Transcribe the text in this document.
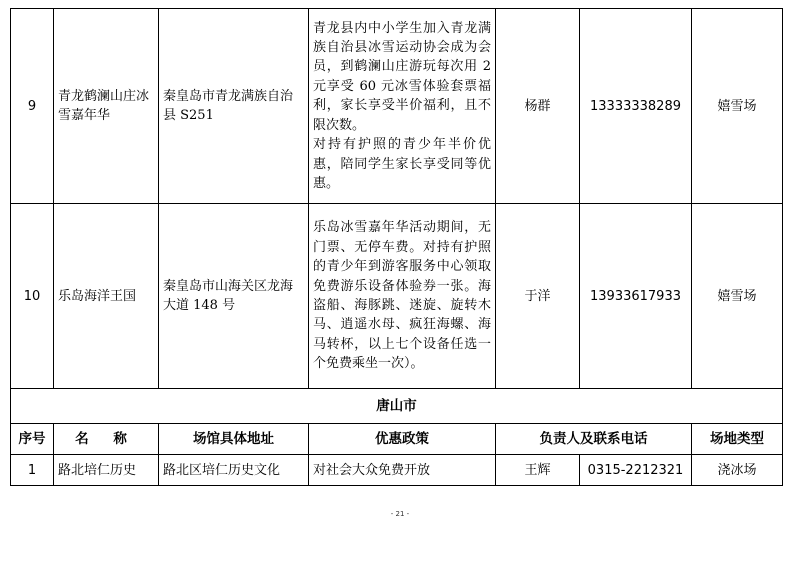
9	青龙鹤澜山庄冰雪嘉年华	秦皇岛市青龙满族自治县 S251	青龙县内中小学生加入青龙满族自治县冰雪运动协会成为会员，到鹤澜山庄游玩每次用 2 元享受 60 元冰雪体验套票福利，家长享受半价福利，且不限次数。
对持有护照的青少年半价优惠，陪同学生家长享受同等优惠。	杨群	13333338289	嬉雪场
10	乐岛海洋王国	秦皇岛市山海关区龙海大道 148 号	乐岛冰雪嘉年华活动期间，无门票、无停车费。对持有护照的青少年到游客服务中心领取免费游乐设备体验券一张。海盗船、海豚跳、迷旋、旋转木马、逍遥水母、疯狂海螺、海马转杯，以上七个设备任选一个免费乘坐一次）。	于洋	13933617933	嬉雪场
唐山市						
序号	名 称	场馆具体地址	优惠政策	负责人及联系电话		场地类型
1	路北培仁历史	路北区培仁历史文化	对社会大众免费开放	王辉	0315-2212321	浇冰场
- 21 -
